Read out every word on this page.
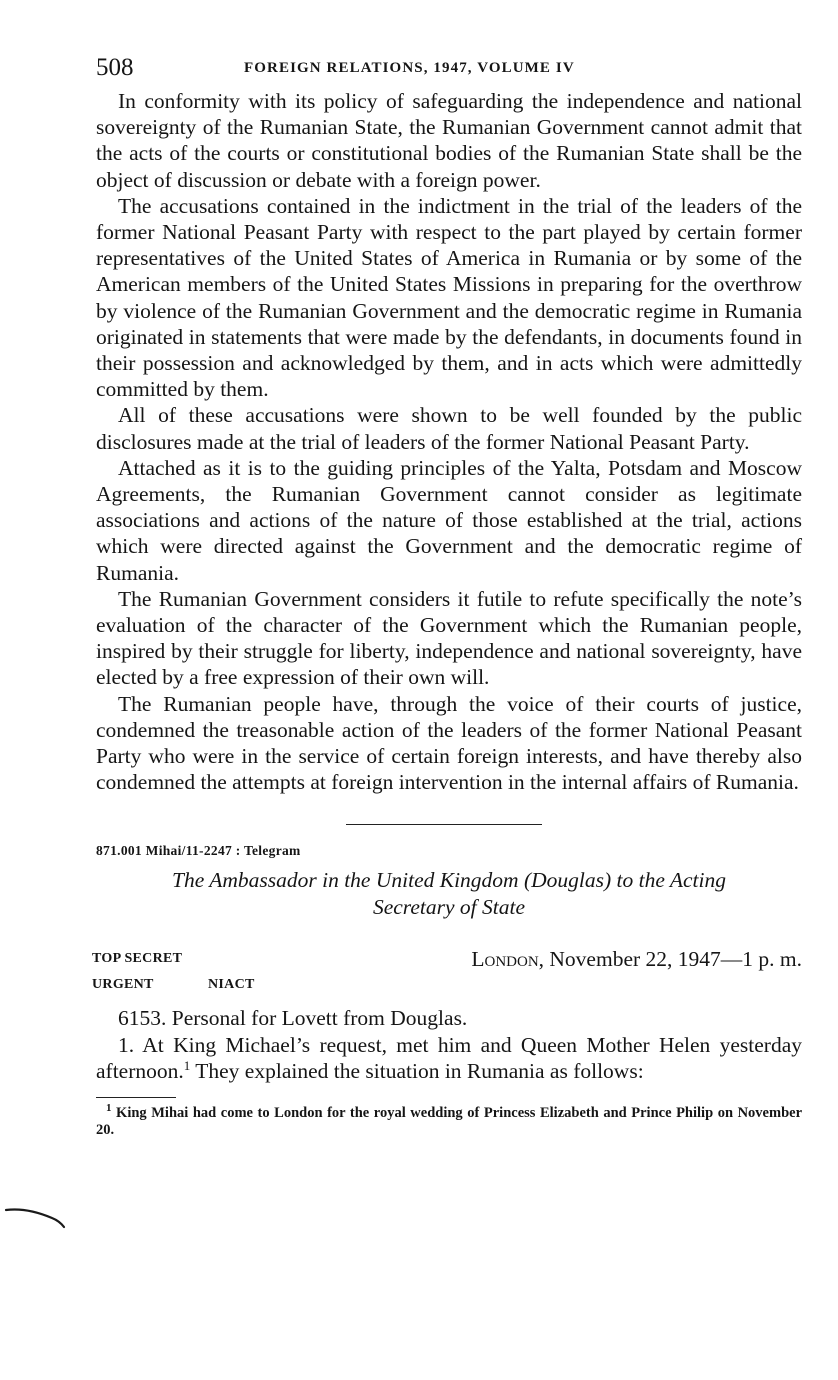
508	FOREIGN RELATIONS, 1947, VOLUME IV

In conformity with its policy of safeguarding the independence and national sovereignty of the Rumanian State, the Rumanian Government cannot admit that the acts of the courts or constitutional bodies of the Rumanian State shall be the object of discussion or debate with a foreign power.

The accusations contained in the indictment in the trial of the leaders of the former National Peasant Party with respect to the part played by certain former representatives of the United States of America in Rumania or by some of the American members of the United States Missions in preparing for the overthrow by violence of the Rumanian Government and the democratic regime in Rumania originated in statements that were made by the defendants, in documents found in their possession and acknowledged by them, and in acts which were admittedly committed by them.

All of these accusations were shown to be well founded by the public disclosures made at the trial of leaders of the former National Peasant Party.

Attached as it is to the guiding principles of the Yalta, Potsdam and Moscow Agreements, the Rumanian Government cannot consider as legitimate associations and actions of the nature of those established at the trial, actions which were directed against the Government and the democratic regime of Rumania.

The Rumanian Government considers it futile to refute specifically the note’s evaluation of the character of the Government which the Rumanian people, inspired by their struggle for liberty, independence and national sovereignty, have elected by a free expression of their own will.

The Rumanian people have, through the voice of their courts of justice, condemned the treasonable action of the leaders of the former National Peasant Party who were in the service of certain foreign interests, and have thereby also condemned the attempts at foreign intervention in the internal affairs of Rumania.

871.001 Mihai/11-2247 : Telegram
The Ambassador in the United Kingdom (Douglas) to the Acting
Secretary of State
TOP SECRET	London, November 22, 1947—1 p. m.
URGENT	NIACT

6153. Personal for Lovett from Douglas.

1. At King Michael’s request, met him and Queen Mother Helen yesterday afternoon.$^1$ They explained the situation in Rumania as follows:

$^1$ King Mihai had come to London for the royal wedding of Princess Elizabeth and Prince Philip on November 20.
